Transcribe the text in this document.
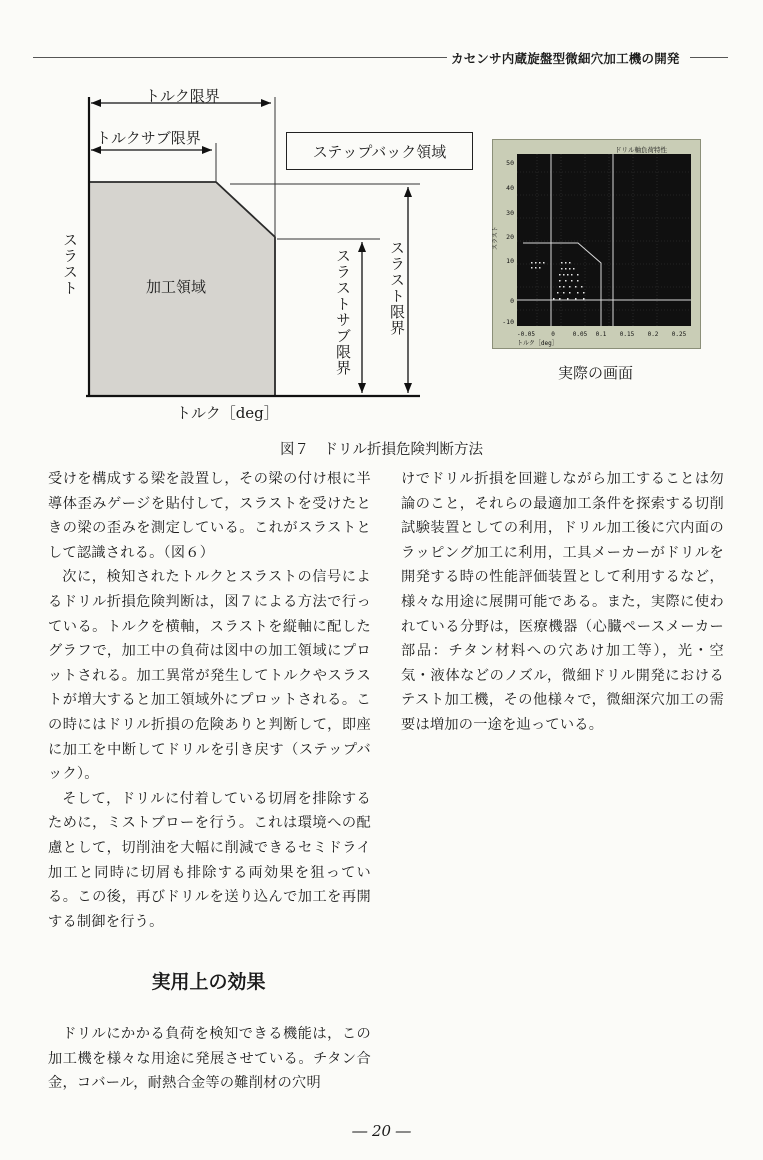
カセンサ内蔵旋盤型微細穴加工機の開発
トルク限界
トルクサブ限界
ステップバック領域
スラスト	加工領域	スラストサブ限界 スラスト限界
トルク［deg］
ドリル軸負荷特性
50
40
30
20
10
0
-10
-0.05	0	0.05 0.1 0.15 0.2 0.25
トルク［deg］
スラスト
実際の画面
図７　ドリル折損危険判断方法

受けを構成する梁を設置し，その梁の付け根に半導体歪みゲージを貼付して，スラストを受けたときの梁の歪みを測定している。これがスラストとして認識される。（図６）

次に，検知されたトルクとスラストの信号によるドリル折損危険判断は，図７による方法で行っている。トルクを横軸，スラストを縦軸に配したグラフで，加工中の負荷は図中の加工領域にプロットされる。加工異常が発生してトルクやスラストが増大すると加工領域外にプロットされる。この時にはドリル折損の危険ありと判断して，即座に加工を中断してドリルを引き戻す（ステップバック）。

そして，ドリルに付着している切屑を排除するために，ミストブローを行う。これは環境への配慮として，切削油を大幅に削減できるセミドライ加工と同時に切屑も排除する両効果を狙っている。この後，再びドリルを送り込んで加工を再開する制御を行う。

実用上の効果

ドリルにかかる負荷を検知できる機能は，この加工機を様々な用途に発展させている。チタン合金，コバール，耐熱合金等の難削材の穴明

けでドリル折損を回避しながら加工することは勿論のこと，それらの最適加工条件を探索する切削試験装置としての利用，ドリル加工後に穴内面のラッピング加工に利用，工具メーカーがドリルを開発する時の性能評価装置として利用するなど，様々な用途に展開可能である。また，実際に使われている分野は，医療機器（心臓ペースメーカー部品：チタン材料への穴あけ加工等），光・空気・液体などのノズル，微細ドリル開発におけるテスト加工機，その他様々で，微細深穴加工の需要は増加の一途を辿っている。

― 20 ―
